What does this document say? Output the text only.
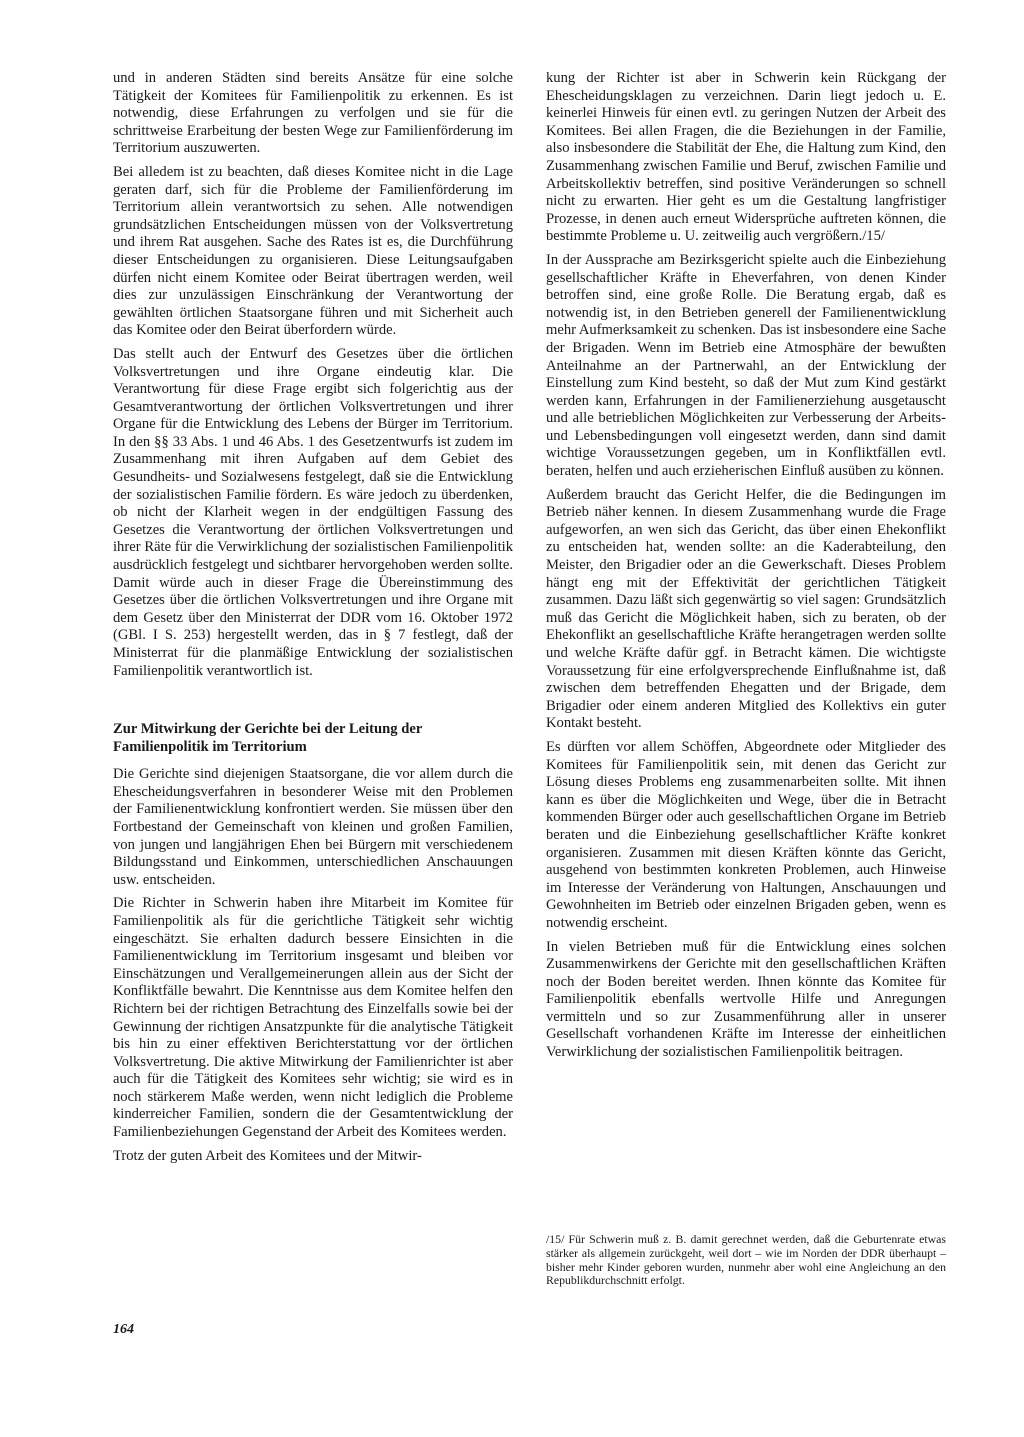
und in anderen Städten sind bereits Ansätze für eine solche Tätigkeit der Komitees für Familienpolitik zu erkennen. Es ist notwendig, diese Erfahrungen zu verfolgen und sie für die schrittweise Erarbeitung der besten Wege zur Familienförderung im Territorium auszuwerten.

Bei alledem ist zu beachten, daß dieses Komitee nicht in die Lage geraten darf, sich für die Probleme der Familienförderung im Territorium allein verantwortsich zu sehen. Alle notwendigen grundsätzlichen Entscheidungen müssen von der Volksvertretung und ihrem Rat ausgehen. Sache des Rates ist es, die Durchführung dieser Entscheidungen zu organisieren. Diese Leitungsaufgaben dürfen nicht einem Komitee oder Beirat übertragen werden, weil dies zur unzulässigen Einschränkung der Verantwortung der gewählten örtlichen Staatsorgane führen und mit Sicherheit auch das Komitee oder den Beirat überfordern würde.

Das stellt auch der Entwurf des Gesetzes über die örtlichen Volksvertretungen und ihre Organe eindeutig klar. Die Verantwortung für diese Frage ergibt sich folgerichtig aus der Gesamtverantwortung der örtlichen Volksvertretungen und ihrer Organe für die Entwicklung des Lebens der Bürger im Territorium. In den §§ 33 Abs. 1 und 46 Abs. 1 des Gesetzentwurfs ist zudem im Zusammenhang mit ihren Aufgaben auf dem Gebiet des Gesundheits- und Sozialwesens festgelegt, daß sie die Entwicklung der sozialistischen Familie fördern. Es wäre jedoch zu überdenken, ob nicht der Klarheit wegen in der endgültigen Fassung des Gesetzes die Verantwortung der örtlichen Volksvertretungen und ihrer Räte für die Verwirklichung der sozialistischen Familienpolitik ausdrücklich festgelegt und sichtbarer hervorgehoben werden sollte. Damit würde auch in dieser Frage die Übereinstimmung des Gesetzes über die örtlichen Volksvertretungen und ihre Organe mit dem Gesetz über den Ministerrat der DDR vom 16. Oktober 1972 (GBl. I S. 253) hergestellt werden, das in § 7 festlegt, daß der Ministerrat für die planmäßige Entwicklung der sozialistischen Familienpolitik verantwortlich ist.

Zur Mitwirkung der Gerichte bei der Leitung der Familienpolitik im Territorium

Die Gerichte sind diejenigen Staatsorgane, die vor allem durch die Ehescheidungsverfahren in besonderer Weise mit den Problemen der Familienentwicklung konfrontiert werden. Sie müssen über den Fortbestand der Gemeinschaft von kleinen und großen Familien, von jungen und langjährigen Ehen bei Bürgern mit verschiedenem Bildungsstand und Einkommen, unterschiedlichen Anschauungen usw. entscheiden.

Die Richter in Schwerin haben ihre Mitarbeit im Komitee für Familienpolitik als für die gerichtliche Tätigkeit sehr wichtig eingeschätzt. Sie erhalten dadurch bessere Einsichten in die Familienentwicklung im Territorium insgesamt und bleiben vor Einschätzungen und Verallgemeinerungen allein aus der Sicht der Konfliktfälle bewahrt. Die Kenntnisse aus dem Komitee helfen den Richtern bei der richtigen Betrachtung des Einzelfalls sowie bei der Gewinnung der richtigen Ansatzpunkte für die analytische Tätigkeit bis hin zu einer effektiven Berichterstattung vor der örtlichen Volksvertretung. Die aktive Mitwirkung der Familienrichter ist aber auch für die Tätigkeit des Komitees sehr wichtig; sie wird es in noch stärkerem Maße werden, wenn nicht lediglich die Probleme kinderreicher Familien, sondern die der Gesamtentwicklung der Familienbeziehungen Gegenstand der Arbeit des Komitees werden.

Trotz der guten Arbeit des Komitees und der Mitwir-

kung der Richter ist aber in Schwerin kein Rückgang der Ehescheidungsklagen zu verzeichnen. Darin liegt jedoch u. E. keinerlei Hinweis für einen evtl. zu geringen Nutzen der Arbeit des Komitees. Bei allen Fragen, die die Beziehungen in der Familie, also insbesondere die Stabilität der Ehe, die Haltung zum Kind, den Zusammenhang zwischen Familie und Beruf, zwischen Familie und Arbeitskollektiv betreffen, sind positive Veränderungen so schnell nicht zu erwarten. Hier geht es um die Gestaltung langfristiger Prozesse, in denen auch erneut Widersprüche auftreten können, die bestimmte Probleme u. U. zeitweilig auch vergrößern./15/

In der Aussprache am Bezirksgericht spielte auch die Einbeziehung gesellschaftlicher Kräfte in Eheverfahren, von denen Kinder betroffen sind, eine große Rolle. Die Beratung ergab, daß es notwendig ist, in den Betrieben generell der Familienentwicklung mehr Aufmerksamkeit zu schenken. Das ist insbesondere eine Sache der Brigaden. Wenn im Betrieb eine Atmosphäre der bewußten Anteilnahme an der Partnerwahl, an der Entwicklung der Einstellung zum Kind besteht, so daß der Mut zum Kind gestärkt werden kann, Erfahrungen in der Familienerziehung ausgetauscht und alle betrieblichen Möglichkeiten zur Verbesserung der Arbeits- und Lebensbedingungen voll eingesetzt werden, dann sind damit wichtige Voraussetzungen gegeben, um in Konfliktfällen evtl. beraten, helfen und auch erzieherischen Einfluß ausüben zu können.

Außerdem braucht das Gericht Helfer, die die Bedingungen im Betrieb näher kennen. In diesem Zusammenhang wurde die Frage aufgeworfen, an wen sich das Gericht, das über einen Ehekonflikt zu entscheiden hat, wenden sollte: an die Kaderabteilung, den Meister, den Brigadier oder an die Gewerkschaft. Dieses Problem hängt eng mit der Effektivität der gerichtlichen Tätigkeit zusammen. Dazu läßt sich gegenwärtig so viel sagen: Grundsätzlich muß das Gericht die Möglichkeit haben, sich zu beraten, ob der Ehekonflikt an gesellschaftliche Kräfte herangetragen werden sollte und welche Kräfte dafür ggf. in Betracht kämen. Die wichtigste Voraussetzung für eine erfolgversprechende Einflußnahme ist, daß zwischen dem betreffenden Ehegatten und der Brigade, dem Brigadier oder einem anderen Mitglied des Kollektivs ein guter Kontakt besteht.

Es dürften vor allem Schöffen, Abgeordnete oder Mitglieder des Komitees für Familienpolitik sein, mit denen das Gericht zur Lösung dieses Problems eng zusammenarbeiten sollte. Mit ihnen kann es über die Möglichkeiten und Wege, über die in Betracht kommenden Bürger oder auch gesellschaftlichen Organe im Betrieb beraten und die Einbeziehung gesellschaftlicher Kräfte konkret organisieren. Zusammen mit diesen Kräften könnte das Gericht, ausgehend von bestimmten konkreten Problemen, auch Hinweise im Interesse der Veränderung von Haltungen, Anschauungen und Gewohnheiten im Betrieb oder einzelnen Brigaden geben, wenn es notwendig erscheint.

In vielen Betrieben muß für die Entwicklung eines solchen Zusammenwirkens der Gerichte mit den gesellschaftlichen Kräften noch der Boden bereitet werden. Ihnen könnte das Komitee für Familienpolitik ebenfalls wertvolle Hilfe und Anregungen vermitteln und so zur Zusammenführung aller in unserer Gesellschaft vorhandenen Kräfte im Interesse der einheitlichen Verwirklichung der sozialistischen Familienpolitik beitragen.

/15/ Für Schwerin muß z. B. damit gerechnet werden, daß die Geburtenrate etwas stärker als allgemein zurückgeht, weil dort – wie im Norden der DDR überhaupt – bisher mehr Kinder geboren wurden, nunmehr aber wohl eine Angleichung an den Republikdurchschnitt erfolgt.
164
